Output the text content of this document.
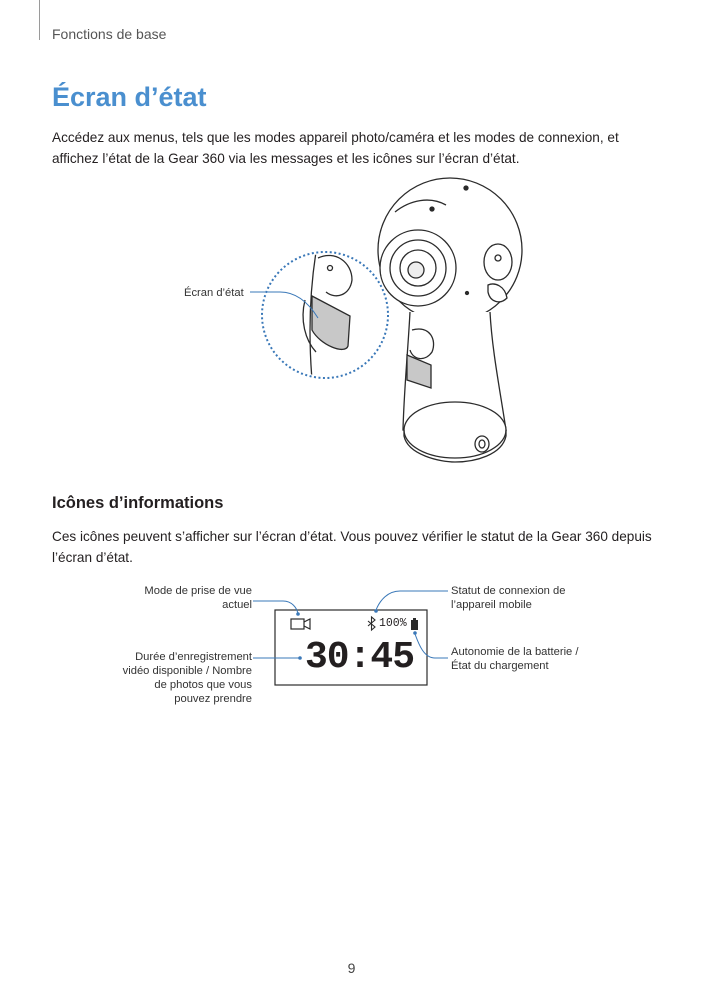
Fonctions de base
Écran d’état

Accédez aux menus, tels que les modes appareil photo/caméra et les modes de connexion, et affichez l’état de la Gear 360 via les messages et les icônes sur l’écran d’état.

Écran d’état
Icônes d’informations

Ces icônes peuvent s’afficher sur l’écran d’état. Vous pouvez vérifier le statut de la Gear 360 depuis l’écran d’état.

100%
30:45
Mode de prise de vue actuel
Durée d’enregistrement vidéo disponible / Nombre de photos que vous pouvez prendre
Statut de connexion de l’appareil mobile
Autonomie de la batterie / État du chargement
9
